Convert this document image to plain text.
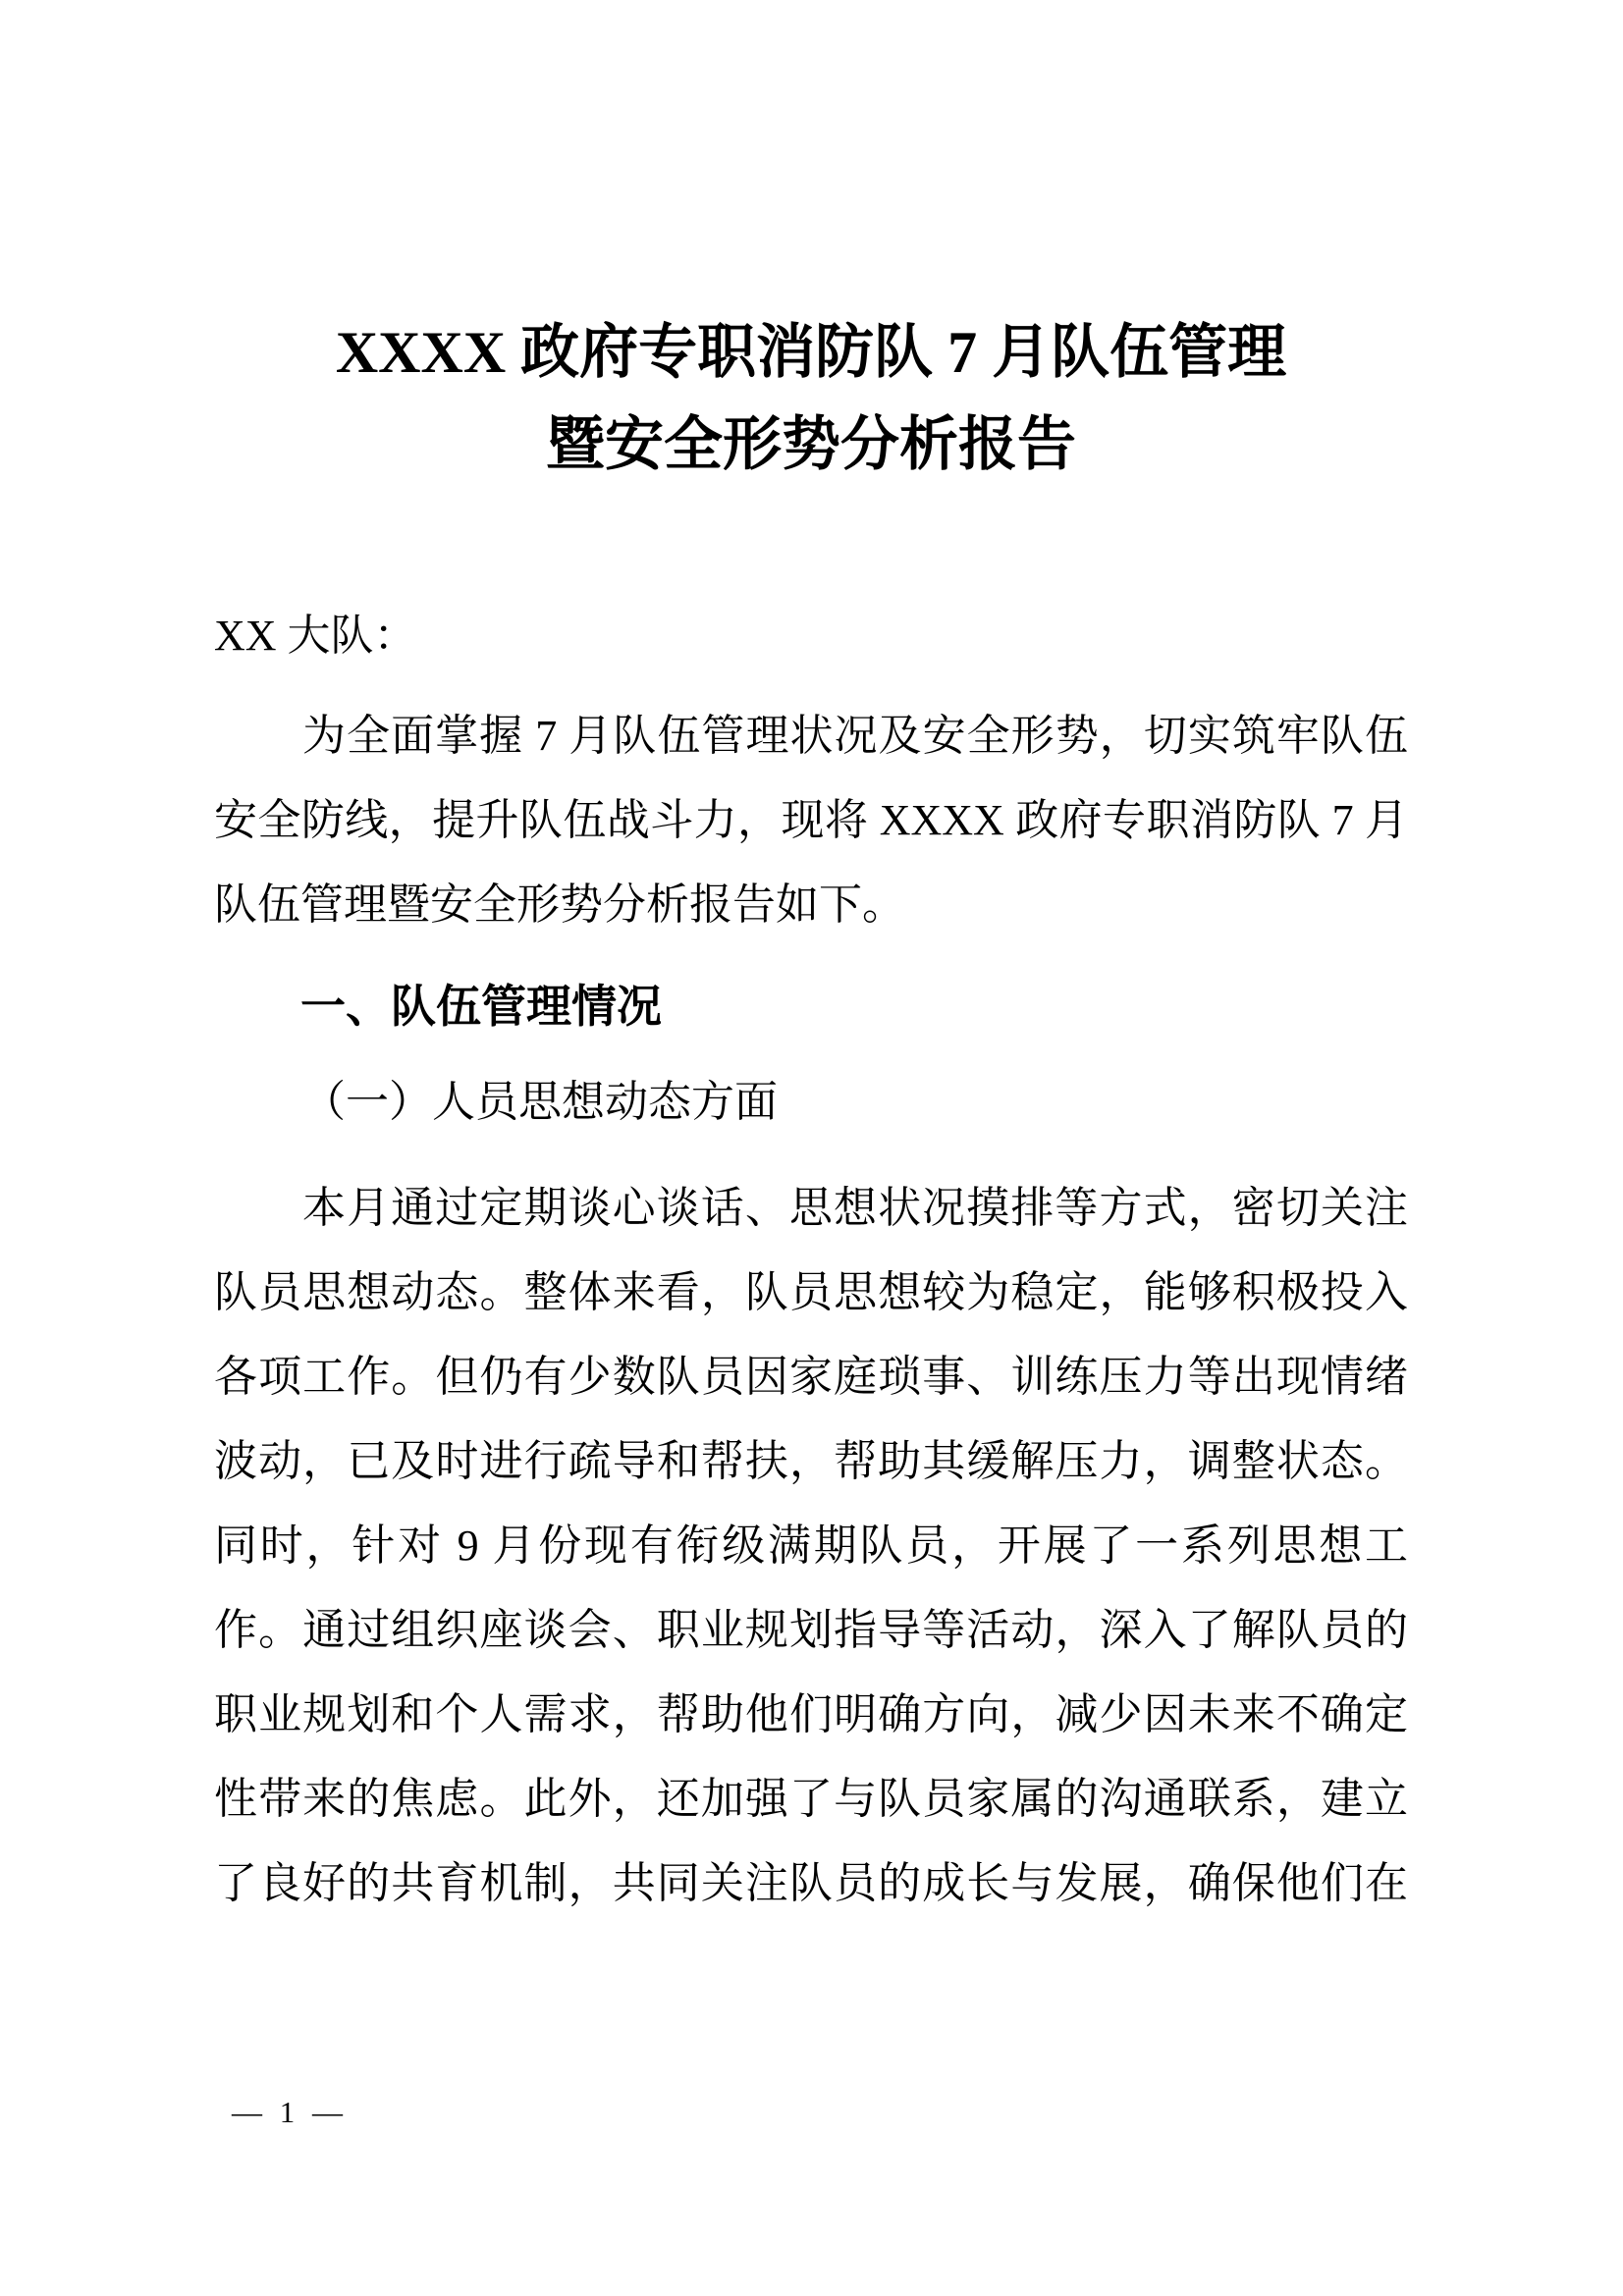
XXXX 政府专职消防队 7 月队伍管理
暨安全形势分析报告
XX 大队：
为全面掌握 7 月队伍管理状况及安全形势，切实筑牢队伍
安全防线，提升队伍战斗力，现将 XXXX 政府专职消防队 7 月
队伍管理暨安全形势分析报告如下。
一、队伍管理情况
（一）人员思想动态方面
本月通过定期谈心谈话、思想状况摸排等方式，密切关注
队员思想动态。整体来看，队员思想较为稳定，能够积极投入
各项工作。但仍有少数队员因家庭琐事、训练压力等出现情绪
波动，已及时进行疏导和帮扶，帮助其缓解压力，调整状态。
同时，针对 9 月份现有衔级满期队员，开展了一系列思想工
作。通过组织座谈会、职业规划指导等活动，深入了解队员的
职业规划和个人需求，帮助他们明确方向，减少因未来不确定
性带来的焦虑。此外，还加强了与队员家属的沟通联系，建立
了良好的共育机制，共同关注队员的成长与发展，确保他们在
— 1 —
